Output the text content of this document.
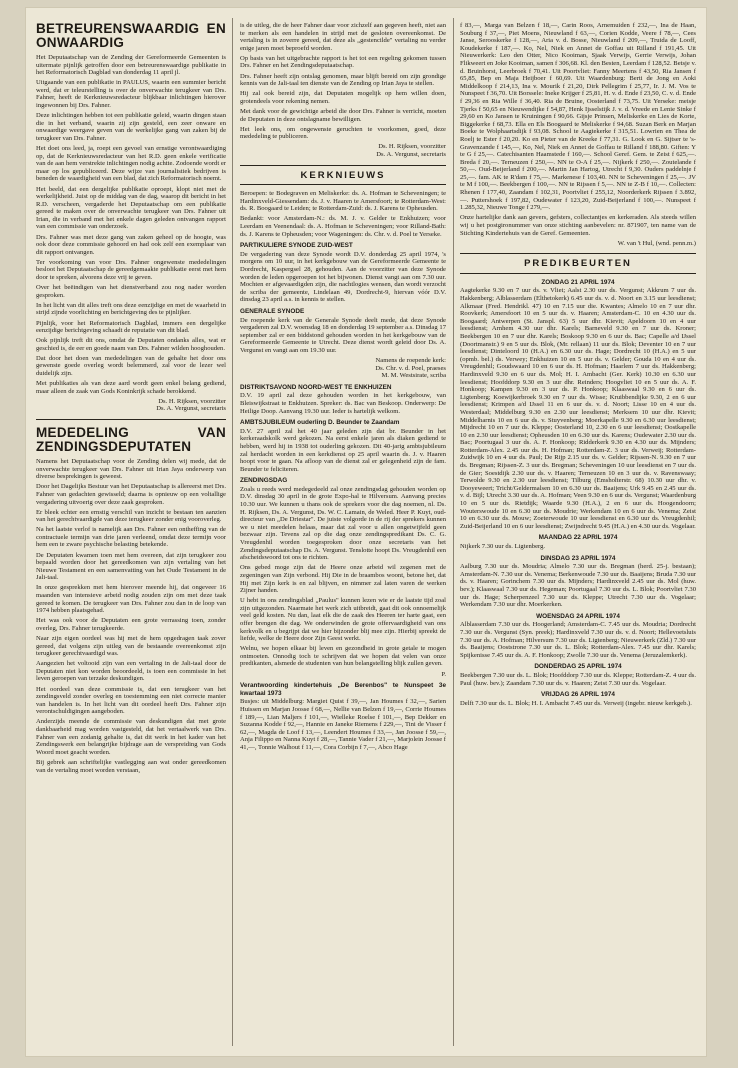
BETREURENSWAARDIG EN ONWAARDIG

Het Deputaatschap van de Zending der Gereformeerde Gemeenten is uitermate pijnlijk getroffen door een betreurenswaardige publikatie in het Reformatorisch Dagblad van donderdag 11 april jl.

Uitgaande van een publikatie in PAULUS, waarin een summier bericht werd, dat er teleurstelling is over de onverwachte terugkeer van Drs. Fahner, heeft de Kerknieuwsredacteur blijkbaar inlichtingen hierover ingewonnen bij Drs. Fahner.

Deze inlichtingen hebben tot een publikatie geleid, waarin dingen staan die in het verband, waarin zij zijn gesteld, een zeer onware en onwaardige weergave geven van de werkelijke gang van zaken bij de terugkeer van Drs. Fahner.

Het doet ons leed, ja, roept een gevoel van ernstige verontwaardiging op, dat de Kerknieuwsredacteur van het R.D. geen enkele verificatie van de aan hem verstrekte inlichtingen nodig achtte. Zodoende wordt er maar op los gepubliceerd. Deze wijze van journalistiek bedrijven is beneden de waardigheid van een blad, dat zich Reformatorisch noemt.

Het beeld, dat een dergelijke publikatie oproept, klopt niet met de werkelijkheid. Juist op de middag van de dag, waarop dit bericht in het R.D. verscheen, vergaderde het Deputaatschap om een publikatie gereed te maken over de onverwachte terugkeer van Drs. Fahner uit Irian, die in verband met het enkele dagen geleden ontvangen rapport van een commissie van onderzoek.

Drs. Fahner was met deze gang van zaken geheel op de hoogte, was ook door deze commissie gehoord en had ook zelf een exemplaar van dit rapport ontvangen.

Ter voorkoming van voor Drs. Fahner ongewenste mededelingen besloot het Deputaatschap de gereedgemaakte publikatie eerst met hem door te spreken, alvorens deze vrij te geven.

Over het beëindigen van het dienstverband zou nog nader worden gesproken.

In het licht van dit alles treft ons deze eenzijdige en met de waarheid in strijd zijnde voorlichting en berichtgeving des te pijnlijker.

Pijnlijk, voor het Reformatorisch Dagblad, immers een dergelijke eenzijdige berichtgeving schaadt de reputatie van dit blad.

Ook pijnlijk treft dit ons, omdat de Deputaten ondanks alles, wat er geschied is, de eer en goede naam van Drs. Fahner wilden hooghouden.

Dat door het doen van mededelingen van de gehalte het door ons gewenste goede overleg wordt belemmerd, zal voor de lezer wel duidelijk zijn.

Met publikaties als van deze aard wordt geen enkel belang gediend, maar alleen de zaak van Gods Koninkrijk schade berokkend.

Ds. H. Rijksen, voorzitter

Ds. A. Vergunst, secretaris

MEDEDELING VAN ZENDINGSDEPUTATEN

Namens het Deputaatschap voor de Zending delen wij mede, dat de onverwachte terugkeer van Drs. Fahner uit Irian Jaya onderwerp van diverse besprekingen is geweest.

Door het Dagelijks Bestuur van het Deputaatschap is allereerst met Drs. Fahner van gedachten gewisseld; daarna is opnieuw op een voltallige vergadering uitvoerig over deze zaak gesproken.

Er bleek echter een ernstig verschil van inzicht te bestaan ten aanzien van het gerechtvaardigde van deze terugkeer zonder enig vooroverleg.

Na het laatste verlof is namelijk aan Drs. Fahner een ontheffing van de contractuele termijn van drie jaren verleend, omdat deze termijn voor hem een te zware psychische belasting betekende.

De Deputaten kwamen toen met hem overeen, dat zijn terugkeer zou bepaald worden door het gereedkomen van zijn vertaling van het Nieuwe Testament en een samenvatting van het Oude Testament in de Jali-taal.

In onze gesprekken met hem hierover meende hij, dat ongeveer 16 maanden van intensieve arbeid nodig zouden zijn om met deze taak gereed te komen. De terugkeer van Drs. Fahner zou dan in de loop van 1974 hebben plaatsgehad.

Het was ook voor de Deputaten een grote verrassing toen, zonder overleg, Drs. Fahner terugkeerde.

Naar zijn eigen oordeel was hij met de hem opgedragen taak zover gereed, dat volgens zijn uitleg van de bestaande overeenkomst zijn terugkeer gerechtvaardigd was.

Aangezien het voltooid zijn van een vertaling in de Jali-taal door de Deputaten niet kon worden beoordeeld, is toen een commissie in het leven geroepen van terzake deskundigen.

Het oordeel van deze commissie is, dat een terugkeer van het zendingsveld zonder overleg en toestemming een niet correcte manier van handelen is. In het licht van dit oordeel heeft Drs. Fahner zijn verontschuldigingen aangeboden.

Anderzijds meende de commissie van deskundigen dat met grote dankbaarheid mag worden vastgesteld, dat het vertaalwerk van Drs. Fahner van een zodanig gehalte is, dat dit werk in het kader van het Zendingswerk een belangrijke bijdrage aan de verspreiding van Gods Woord moet geacht worden.

Bij gebrek aan schriftelijke vastlegging aan wat onder gereedkomen van de vertaling moet worden verstaan,

is de uitleg, die de heer Fahner daar voor zichzelf aan gegeven heeft, niet aan te merken als een handelen in strijd met de gesloten overeenkomst. De vertaling is in zoverre gereed, dat deze als „gestencilde" vertaling nu verder enige jaren moet beproefd worden.

Op basis van het uitgebrachte rapport is het tot een regeling gekomen tussen Drs. Fahner en het Zendingsdeputaatschap.

Drs. Fahner heeft zijn ontslag genomen, maar blijft bereid om zijn grondige kennis van de Jali-taal ten dienste van de Zending op Irian Jaya te stellen.

Hij zal ook bereid zijn, dat Deputaten mogelijk op hem willen doen, grotendeels voor rekening nemen.

Met dank voor de gewichtige arbeid die door Drs. Fahner is verricht, moeten de Deputaten in deze ontslagname bewilligen.

Het leek ons, om ongewenste geruchten te voorkomen, goed, deze mededeling te publiceren.

Ds. H. Rijksen, voorzitter

Ds. A. Vergunst, secretaris

KERKNIEUWS

Beroepen: te Bodegraven en Meliskerke: ds. A. Hofman te Scheveningen; te Hardinxveld-Giessendam: ds. J. v. Haaren te Amersfoort; te Rotterdam-West: ds. R. Boogaard te Leiden; te Rotterdam-Zuid: ds. J. Karens te Opheusden.

Bedankt: voor Amsterdam-N.: ds. M. J. v. Gelder te Enkhuizen; voor Leerdam en Veenendaal: ds. A. Hofman te Scheveningen; voor Rilland-Bath: ds. J. Karens te Opheusden; voor Wageningen: ds. Chr. v. d. Poel te Yerseke.

PARTIKULIERE SYNODE ZUID-WEST

De vergadering van deze Synode wordt D.V. donderdag 25 april 1974, 's morgens om 10 uur, in het kerkgebouw van de Gereformeerde Gemeente te Dordrecht, Kaspergsel 28, gehouden. Aan de voorzitter van deze Synode worden de leden opgeroepen tot het bijwonen. Dienst vangt aan om 7.30 uur. Mochten er afgevaardigden zijn, die nachtlogies wensen, dan wordt verzocht de scriba der gemeente, Lindelaan 49, Dordrecht-9, hiervan vóór D.V. dinsdag 23 april a.s. in kennis te stellen.

GENERALE SYNODE

De roepende kerk van de Generale Synode deelt mede, dat deze Synode vergaderen zal D.V. woensdag 18 en donderdag 19 september a.s. Dinsdag 17 september zal er een biddstond gehouden worden in het kerkgebouw van de Gereformeerde Gemeente te Utrecht. Deze dienst wordt geleid door Ds. A. Vergunst en vangt aan om 19.30 uur.

Namens de roepende kerk:

Ds. Chr. v. d. Poel, praeses

M. M. Westsirate, scriba

DISTRIKTSAVOND NOORD-WEST TE ENKHUIZEN

D.V. 19 april zal deze gehouden worden in het kerkgebouw, van Bleiswijkstraat te Enkhuizen. Spreker: ds. Bac van Beskoop. Onderwerp: De Heilige Doop. Aanvang 19.30 uur. Ieder is hartelijk welkom.

AMBTSJUBILEUM ouderling D. Beunder te Zaandam

D.V. 27 april zal het 40 jaar geleden zijn dat br. Beunder in het kerkeraadskolk werd gekozen. Na eerst enkele jaren als diaken gediend te hebben, werd hij in 1938 tot ouderling gekozen. Dit 40-jarig ambtsjubileum zal herdacht worden in een kerkdienst op 25 april waarin ds. J. v. Haaren hoopt voor te gaan. Na afloop van de dienst zal er gelegenheid zijn de fam. Beunder te feliciteren.

ZENDINGSDAG

Zoals u reeds werd medegedeeld zal onze zendingsdag gehouden worden op D.V. dinsdag 30 april in de grote Expo-hal te Hilversum. Aanvang precies 10.30 uur. We kunnen u thans ook de sprekers voor die dag noemen, nl. Ds. H. Rijksen, Ds. A. Vergunst, Ds. W. C. Lamain, de Weled. Heer P. Kuyt, oud-directeur van „De Driestar". De juiste volgorde in de rij der sprekers kunnen we u niet meedelen helaas, maar dat zal voor u allen ongetwijfeld geen bezwaar zijn. Tevens zal op die dag onze zendingspredikant Ds. C. G. Vreugdenhil worden toegesproken door onze secretaris van het Zendingsdeputaatschap Ds. A. Vergunst. Tenslotte hoopt Ds. Vreugdenhil een afscheidswoord tot ons te richten.

Ons gebed moge zijn dat de Heere onze arbeid wil zegenen met de zegeningen van Zijn verbond. Hij Die in de braambos woont, betone het, dat Hij met Zijn kerk is en zal blijven, en nimmer zal laten varen de werken Zijner handen.

U hebt in ons zendingsblad „Paulus" kunnen lezen wie er de laatste tijd zoal zijn uitgezonden. Naarmate het werk zich uitbreidt, gaat dit ook onnoemelijk veel geld kosten. Nu dan, laat elk die de zaak des Heeren ter harte gaat, een offer brengen die dag. We onderwinden de grote offervaardigheid van ons kerkvolk en u begrijpt dat we hier bijzonder blij mee zijn. Hierbij spreekt de liefde, welke de Heere door Zijn Geest werkt.

Welnu, we hopen elkaar bij leven en gezondheid in grote getale te mogen ontmoeten. Onnodig toch te schrijven dat we hopen dat velen van onze predikanten, alsmede de studenten van hun belangstelling blijk zullen geven.

P.

Verantwoording kindertehuis „De Berenbos" te Nunspeet 3e kwartaal 1973

Busjes: uit Middelburg: Margiet Quist f 39,—, Jan Houmes f 32,—, Sarien Huissen en Marjan Joosse f 68,—, Nellie van Belzen f 19,—, Corrie Houmes f 189,—, Lian Maljers f 101,—, Wielleke Roelse f 101,—, Bep Dekker en Suzanna Kodde f 92,—, Hannie en Janeke Riemens f 229,—, Tini de Visser f 62,—, Magda de Loof f 13,—, Leendert Houmes f 33,—, Jan Joosse f 59,—, Anja Filippo en Nanna Kuyt f 28,—, Tannie Vader f 21,—, Marjolein Joosse f 41,—, Tonnie Walhout f 11,—, Cora Corbijn f 7,—, Abco Hage

f 83,—, Marga van Belzen f 18,—, Carin Roos, Arnemuiden f 232,—, Ina de Haan, Souburg f 37,—, Piet Moens, Nieuwland f 63,—, Corien Kodde, Veere f 78,—, Cees Janse, Serooskerke f 128,—, Aria v. d. Bosse, Nieuwland f 209,—, Truida de Looff, Koudekerke f 187,—. Ko, Nel, Niek en Annet de Goffau uit Rilland f 191,45. Uit Nieuwerkerk: Leo den Otter, Nico Kooiman, Sjaak Verwijs, Gerrie Verwijs, Johan Flikweert en Joke Kooiman, samen f 306,68. Kl. den Besten, Leerdam f 128,52. Betsje v. d. Bruinhorst, Leerbroek f 70,41. Uit Poortvliet: Fanny Meertens f 43,50, Ria Jansen f 65,85, Bep en Maja Heijboer f 60,69. Uit Waardenburg: Berti de Jong en Aoki Middelkoop f 214,13, Ina v. Mourik f 21,20, Dirk Pellegrim f 25,77, Ir. J. M. Vos te Nunspeet f 36,70. Uit Borssele: Ineke Krijger f 25,81, H. v. d. Ende f 23,50, C. v. d. Ende f 29,36 en Ria Wille f 36,40. Ria de Bruine, Oosterland f 73,75. Uit Yerseke: meisje Tjerks f 50,65 en Nieuwendijke f 54,87, Henk Ijsselstijk J. v. d. Vreede en Lenie Sinke f 29,60 en Ko Jansen te Kruiningen f 90,66. Gijsje Prinsen, Meliskerke en Lies de Korte, Biggekerke f 68,73. Ella en Els Boogaard te Meliskerke f 94,68. Suzan Berk en Marjan Boeke te Wolphaartsdijk f 93,08. School te Aagtekerke f 315,51. Lowrien en Thea de Roelj te Ester f 20,20. Ko en Pieter van de Kreeke f 77,31. G. Look en G. Sijtser te 's-Gravenzande f 145,—, Ko, Nel, Niek en Annet de Goffau te Rilland f 188,80. Giften: Y te G f 25,—. Catechisanten Haamstede f 160,—. School Geref. Gem. te Zeist f 625,—. Breda f 20,—. Terneuzen f 250,—. NN te O-A f 25,—. Nijkerk f 250,—. Zoutelande f 50,—. Oud-Beijerland f 200,—. Martin Jan Hartog, Utrecht f 9,30. Ouders paddelnje f 25,—. fam. AK te R'dam f 75,—. Markenese f 103,40. NN te Scheveningen f 25,—. JV te M f 100,—. Beekbergen f 100,—. NN te Rijssen f 5,—. NN te Z-B f 10,—. Collecten: Rhenen f 177,40, Zaandam f 102,31, Poortvliet f 255,12, Noorderkerk Rijssen f 3.892,—. Puttershoek f 197,82, Oudewater f 123,20, Zuid-Beijerland f 100,—. Nunspeet f 1.285,32, Nieuwe Tonge f 279,—.

Onze hartelijke dank aan gevers, gefsters, collectantjes en kerkeraden. Als steeds willen wij u het postgironummer van onze stichting aanbevelen: nr. 871907, ten name van de Stichting Kindertehuis van de Geref. Gemeenten.

W. van 't Hul, (wnd. penn.m.)

PREDIKBEURTEN
ZONDAG 21 APRIL 1974

Aagtekerke 9.30 en 7 uur ds. v. Vliet; Aalst 2.30 uur ds. Vergunst; Akkrum 7 uur ds. Hakkenberg; Alblasserdam (Elthetokerk) 6.45 uur ds. v. d. Noort en 3.15 uur leesdienst; Alkmaar (Fred. Hendrikl. 47) 10 en 7.15 uur die. Kwantes; Almelo 10 en 7 uur dhr. Roovkerk; Amersfoort 10 en 5 uur ds. v. Haaren; Amsterdam-C. 10 en 4.30 uur ds. Boogaard; Antwerpen (St. Janspl. 63) 5 uur dhr. Kievit; Apeldoorn 10 en 4 uur leesdienst; Arnhem 4.30 uur dhr. Karels; Barneveld 9.30 en 7 uur ds. Kroner; Beekbergen 10 en 7 uur dhr. Karels; Boskoop 9.30 en 6 uur ds. Bac; Capelle a/d IJssel (Doortmanstr.) 9 en 5 uur ds. Blok, (Mr. rellaan) 11 uur ds. Blok; Deventer 10 en 7 uur leesdienst; Dinteloord 10 (H.A.) en 6.30 uur ds. Hage; Dordrecht 10 (H.A.) en 5 uur (opmb. bel.) ds. Verwey; Enkhuizen 10 en 5 uur ds. v. Gelder; Gouda 10 en 4 uur ds. Vreugdenhil; Goudswaard 10 en 6 uur ds. H. Hofman; Haarlem 7 uur ds. Hakkenberg; Hardinxveld 9.30 en 6 uur ds. Mol; H. I. Ambacht (Ger. Kerk) 10.30 en 6.30 uur leesdienst; Hoofddorp 9.30 en 3 uur dhr. Reinders; Hoogvliet 10 en 5 uur ds. A. F. Honkoop; Kampen 9.30 en 3 uur ds. P. Honkoop; Klaaswaal 9.30 en 6 uur ds. Ligtenberg; Koewijkerbroek 9.30 en 7 uur ds. Wisse; Kruibbendijke 9.30, 2 en 6 uur leesdienst; Krimpen a/d IJssel 11 en 6 uur ds. v. d. Noort; Lisse 10 en 4 uur ds. Westerdaal; Middelburg 9.30 en 2.30 uur leesdienst; Merksem 10 uur dhr. Kievit; Middelharnis 10 en 6 uur ds. v. Stuyvenberg; Moerkapelle 9.30 en 6.30 uur leesdienst; Mijdrecht 10 en 7 uur ds. Kleppe; Oosterland 10, 2.30 en 6 uur leesdienst; Oostkapelle 10 en 2.30 uur leesdienst; Opheusden 10 en 6.30 uur ds. Karens; Oudewater 2.30 uur ds. Bac; Poortugaal 3 uur ds. A. F. Honkoop; Ridderkerk 9.30 en 4.30 uur ds. Mijnders; Rotterdam-Alex. 2.45 uur ds. H. Hofman; Rotterdam-Z. 3 uur ds. Verweij; Rotterdam-Zuidwijk 10 en 4 uur ds. Paul; De Rijp 2.15 uur ds. v. Gelder; Rijssen-N. 9.30 en 7 uur ds. Bregman; Rijssen-Z. 3 uur ds. Bregman; Scheveningen 10 uur leesdienst en 7 uur ds. de Gier; Soestdijk 2.30 uur ds. v. Haaren; Terneuzen 10 en 3 uur ds. v. Ravenswaay; Terwolde 9.30 en 2.30 uur leesdienst; Tilburg (Emsholterstr. 68) 10.30 uur dhr. v. Dooyeweert; Tricht/Geldermalsen 10 en 6.30 uur ds. Baaijens; Urk 9.45 en 2.45 uur ds. v. d. Bijl; Utrecht 3.30 uur ds. A. Hofman; Veen 9.30 en 6 uur ds. Vergunst; Waardenburg 10 en 5 uur ds. Rietdijk; Waarde 9.30 (H.A.), 2 en 6 uur ds. Hoogendoorn; Wouterswoude 10 en 6.30 uur ds. Moudrie; Werkendam 10 en 6 uur ds. Venema; Zeist 10 en 6.30 uur ds. Mouw; Zoeterwoude 10 uur leesdienst en 6.30 uur ds. Vreugdenhil; Zuid-Beijerland 10 en 6 uur leesdienst; Zwijndrecht 9.45 (H.A.) en 4.30 uur ds. Vogelaar.

MAANDAG 22 APRIL 1974

Nijkerk 7.30 uur ds. Ligtenberg.

DINSDAG 23 APRIL 1974

Aalburg 7.30 uur ds. Moudria; Almelo 7.30 uur ds. Bregman (herd. 25-j. bestaan); Amsterdam-N. 7.30 uur ds. Venema; Berkenwoude 7.30 uur ds. Baaijens; Bruda 7.30 uur ds. v. Haaren; Gorinchem 7.30 uur ds. Mijnders; Hardinxveld 2.45 uur ds. Mol (huw. bev.); Klaaswaal 7.30 uur ds. Hegeman; Poortugaal 7.30 uur ds. L. Blok; Poortvliet 7.30 uur ds. Hage; Scherpenzeel 7.30 uur ds. Kleppe; Utrecht 7.30 uur ds. Vogelaar; Werkendam 7.30 uur dhr. Moerkerken.

WOENSDAG 24 APRIL 1974

Alblasserdam 7.30 uur ds. Hoogerland; Amsterdam-C. 7.45 uur ds. Moudria; Dordrecht 7.30 uur ds. Vergunst (Syn. preek); Hardinxveld 7.30 uur ds. v. d. Noort; Hellevoetsluis 7.30 uur ds. A. Hofman; Hilversum 7.30 uur ds. Ligtenberg; Nieuwerkerk (Zld.) 7.30 uur ds. Baaijens; Ooststrone 7.30 uur ds. L. Blok; Rotterdam-Alex. 7.45 uur dhr. Karels; Spijkenisse 7.45 uur ds. A. F. Honkoop; Zwolle 7.30 uur ds. Venema (Jeruzalemkerk).

DONDERDAG 25 APRIL 1974

Beekbergen 7.30 uur ds. L. Blok; Hoofddorp 7.30 uur ds. Kleppe; Rotterdam-Z. 4 uur ds. Paul (huw. bev.); Zaandam 7.30 uur ds. v. Haaren; Zeist 7.30 uur ds. Vogelaar.

VRIJDAG 26 APRIL 1974

Delft 7.30 uur ds. L. Blok; H. I. Ambacht 7.45 uur ds. Verweij (ingebr. nieuw kerkgeb.).
